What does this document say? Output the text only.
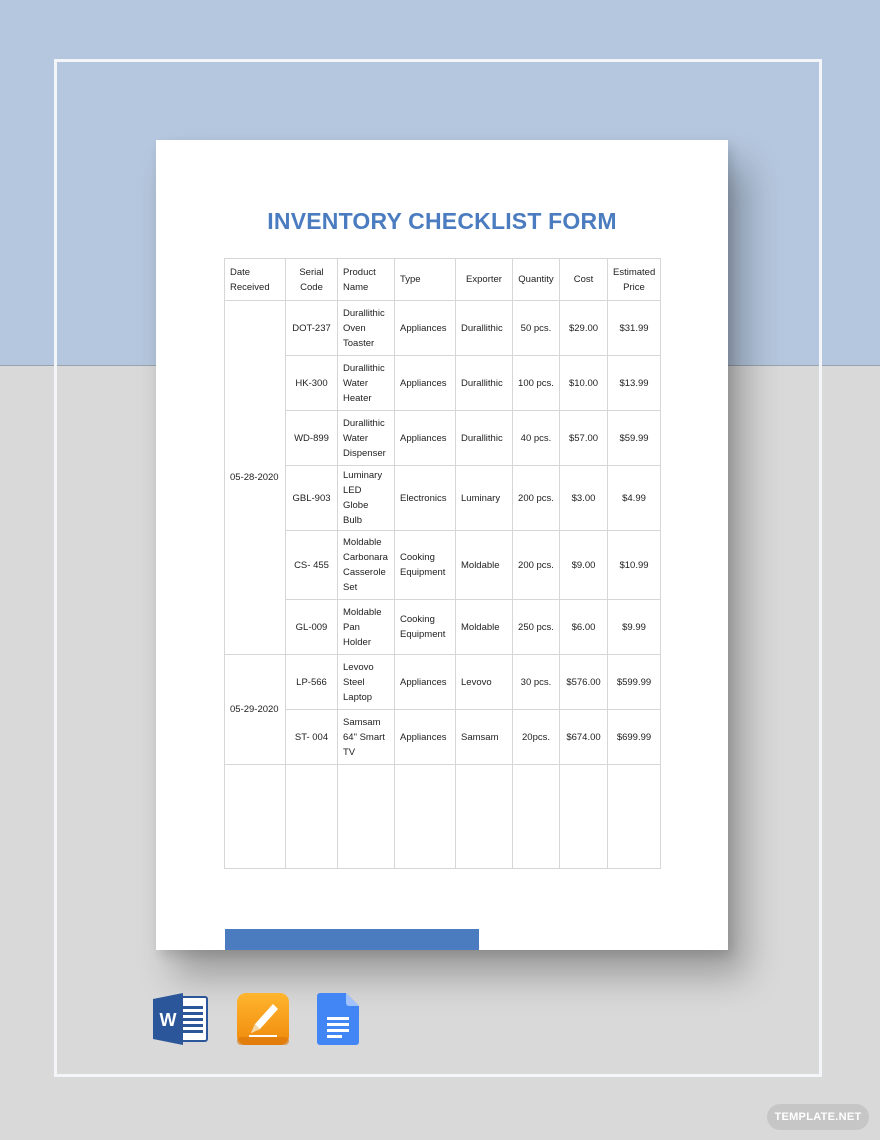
INVENTORY CHECKLIST FORM
Date Received	Serial Code	Product Name	Type	Exporter	Quantity	Cost	Estimated Price
05-28-2020	DOT-237	Durallithic Oven Toaster	Appliances	Durallithic	50 pcs.	$29.00	$31.99
	HK-300	Durallithic Water Heater	Appliances	Durallithic	100 pcs.	$10.00	$13.99
	WD-899	Durallithic Water Dispenser	Appliances	Durallithic	40 pcs.	$57.00	$59.99
	GBL-903	Luminary LED Globe Bulb	Electronics	Luminary	200 pcs.	$3.00	$4.99
	CS- 455	Moldable Carbonara Casserole Set	Cooking Equipment	Moldable	200 pcs.	$9.00	$10.99
	GL-009	Moldable Pan Holder	Cooking Equipment	Moldable	250 pcs.	$6.00	$9.99
05-29-2020	LP-566	Levovo Steel Laptop	Appliances	Levovo	30 pcs.	$576.00	$599.99
	ST- 004	Samsam 64" Smart TV	Appliances	Samsam	20pcs.	$674.00	$699.99

W
TEMPLATE.NET
